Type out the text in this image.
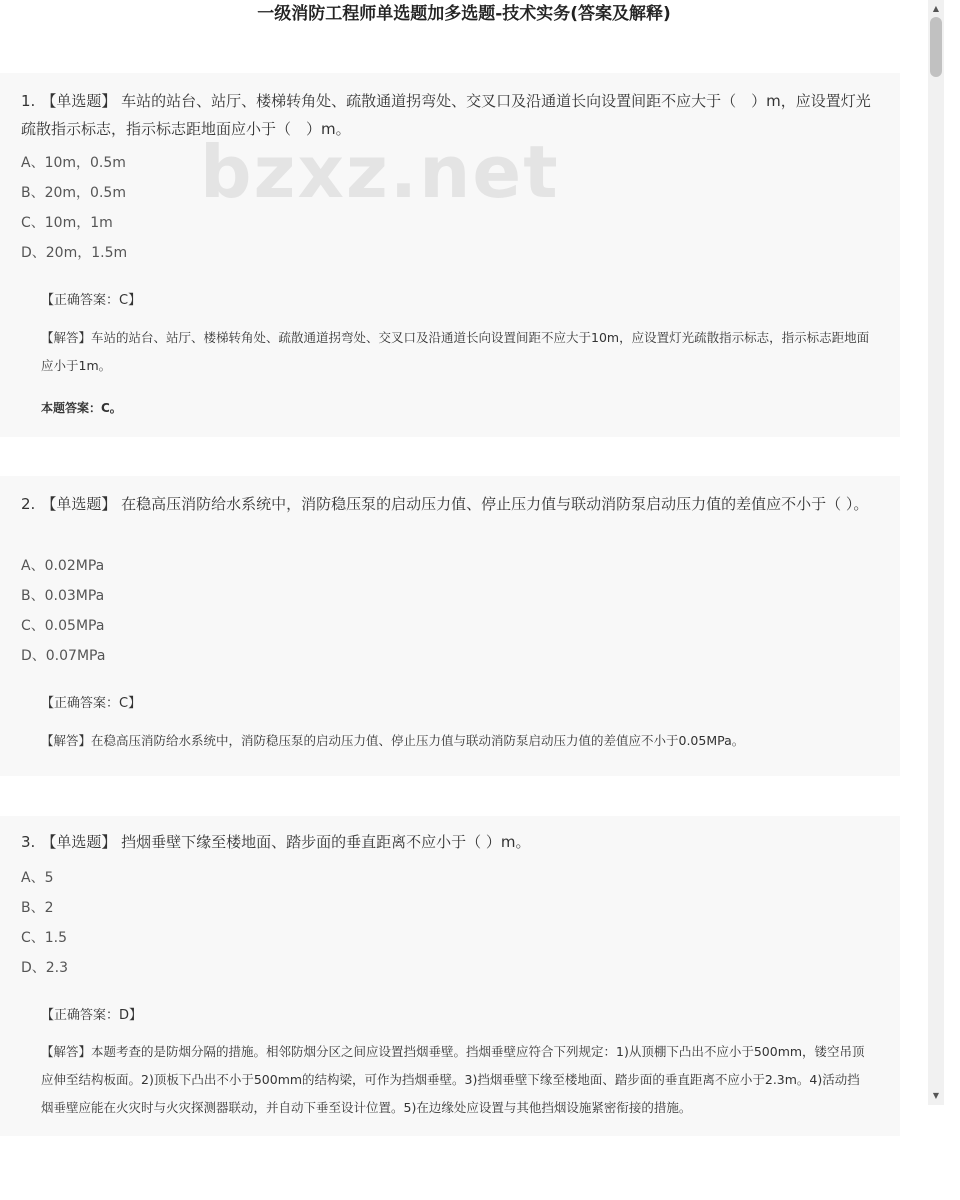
一级消防工程师单选题加多选题-技术实务(答案及解释)
1. 【单选题】 车站的站台、站厅、楼梯转角处、疏散通道拐弯处、交叉口及沿通道长向设置间距不应大于（　）m，应设置灯光疏散指示标志，指示标志距地面应小于（　）m。
A、10m，0.5m
B、20m，0.5m
C、10m，1m
D、20m，1.5m
【正确答案：C】
【解答】车站的站台、站厅、楼梯转角处、疏散通道拐弯处、交叉口及沿通道长向设置间距不应大于10m，应设置灯光疏散指示标志，指示标志距地面应小于1m。
本题答案：C。
bzxz.net
2. 【单选题】 在稳高压消防给水系统中，消防稳压泵的启动压力值、停止压力值与联动消防泵启动压力值的差值应不小于（ ）。
A、0.02MPa
B、0.03MPa
C、0.05MPa
D、0.07MPa
【正确答案：C】
【解答】在稳高压消防给水系统中，消防稳压泵的启动压力值、停止压力值与联动消防泵启动压力值的差值应不小于0.05MPa。
3. 【单选题】 挡烟垂壁下缘至楼地面、踏步面的垂直距离不应小于（ ）m。
A、5
B、2
C、1.5
D、2.3
【正确答案：D】
【解答】本题考查的是防烟分隔的措施。相邻防烟分区之间应设置挡烟垂壁。挡烟垂壁应符合下列规定：1)从顶棚下凸出不应小于500mm，镂空吊顶应伸至结构板面。2)顶板下凸出不小于500mm的结构梁，可作为挡烟垂壁。3)挡烟垂壁下缘至楼地面、踏步面的垂直距离不应小于2.3m。4)活动挡烟垂壁应能在火灾时与火灾探测器联动，并自动下垂至设计位置。5)在边缘处应设置与其他挡烟设施紧密衔接的措施。
▲
▼
